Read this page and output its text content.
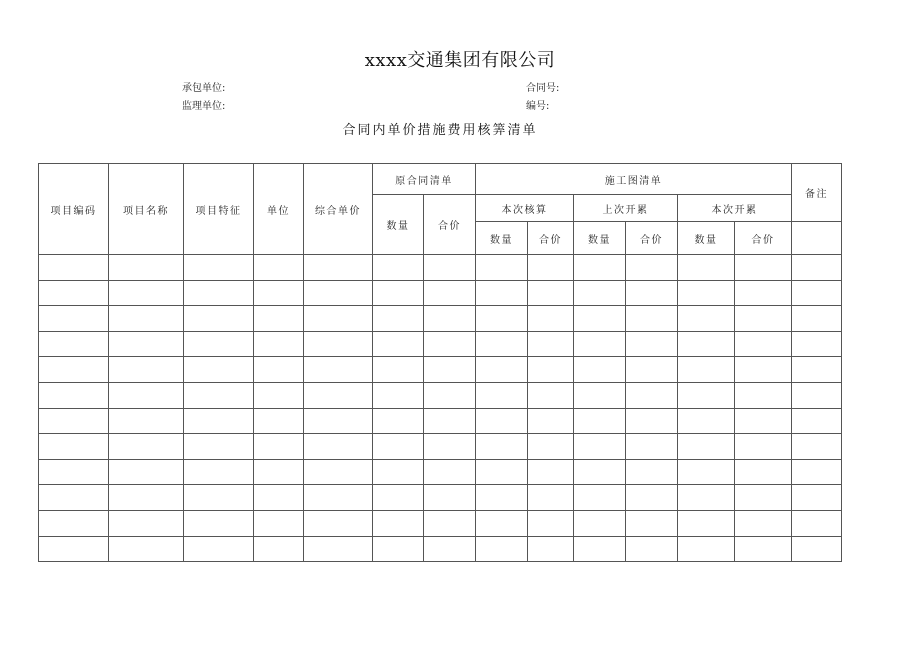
xxxx交通集团有限公司
承包单位:	合同号:
监理单位:	编号:
合同内单价措施费用核筭清单
项目编码	项目名称	项目特征	单位	综合单价	原合同清单		施工图清单						备注
					数量	合价	本次核算		上次开累		本次开累		
							数量	合价	数量	合价	数量	合价	
